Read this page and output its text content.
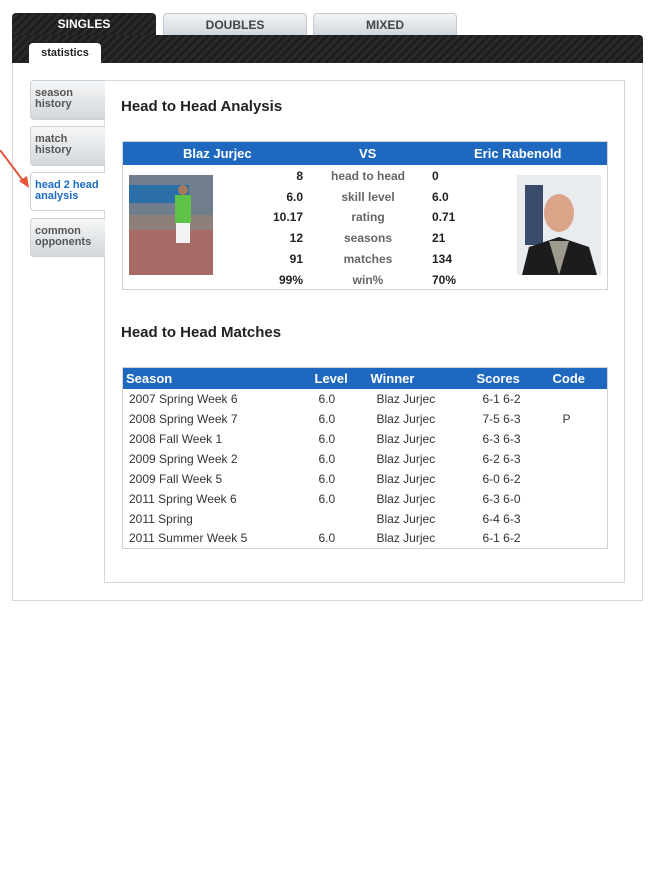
SINGLES	DOUBLES	MIXED
statistics
season
history
match
history
head 2 head
analysis
common
opponents
Head to Head Analysis
Blaz Jurjec	VS	Eric Rabenold
8	head to head	0
6.0	skill level	6.0
10.17	rating	0.71
12	seasons	21
91	matches	134
99%	win%	70%
Head to Head Matches
Season	Level	Winner	Scores	Code
2007 Spring Week 6	6.0	Blaz Jurjec	6-1 6-2	
2008 Spring Week 7	6.0	Blaz Jurjec	7-5 6-3	P
2008 Fall Week 1	6.0	Blaz Jurjec	6-3 6-3	
2009 Spring Week 2	6.0	Blaz Jurjec	6-2 6-3	
2009 Fall Week 5	6.0	Blaz Jurjec	6-0 6-2	
2011 Spring Week 6	6.0	Blaz Jurjec	6-3 6-0	
2011 Spring		Blaz Jurjec	6-4 6-3	
2011 Summer Week 5	6.0	Blaz Jurjec	6-1 6-2	
